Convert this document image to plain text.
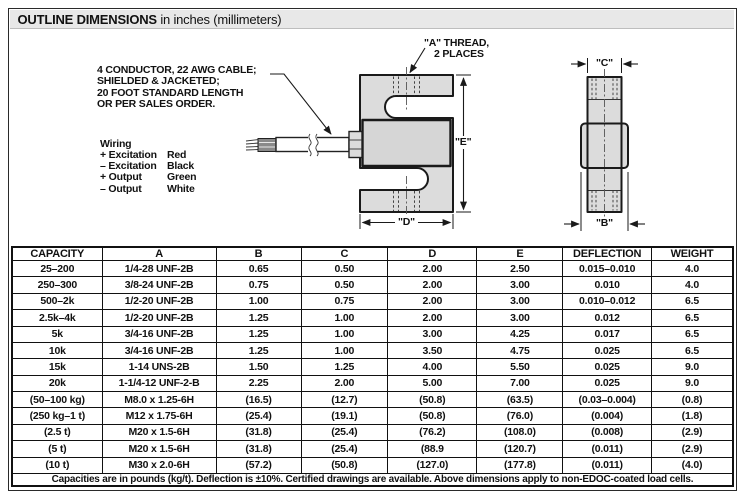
OUTLINE DIMENSIONS in inches (millimeters)
4 CONDUCTOR, 22 AWG CABLE;
SHIELDED & JACKETED;
20 FOOT STANDARD LENGTH
OR PER SALES ORDER.
Wiring
+ Excitation Red
– Excitation Black
+ Output Green
– Output White
"A" THREAD,
2 PLACES
"E"
"D"
"C"
"B"
CAPACITY	A	B	C	D	E	DEFLECTION	WEIGHT
25–200	1/4-28 UNF-2B	0.65	0.50	2.00	2.50	0.015–0.010	4.0
250–300	3/8-24 UNF-2B	0.75	0.50	2.00	3.00	0.010	4.0
500–2k	1/2-20 UNF-2B	1.00	0.75	2.00	3.00	0.010–0.012	6.5
2.5k–4k	1/2-20 UNF-2B	1.25	1.00	2.00	3.00	0.012	6.5
5k	3/4-16 UNF-2B	1.25	1.00	3.00	4.25	0.017	6.5
10k	3/4-16 UNF-2B	1.25	1.00	3.50	4.75	0.025	6.5
15k	1-14 UNS-2B	1.50	1.25	4.00	5.50	0.025	9.0
20k	1-1/4-12 UNF-2-B	2.25	2.00	5.00	7.00	0.025	9.0
(50–100 kg)	M8.0 x 1.25-6H	(16.5)	(12.7)	(50.8)	(63.5)	(0.03–0.004)	(0.8)
(250 kg–1 t)	M12 x 1.75-6H	(25.4)	(19.1)	(50.8)	(76.0)	(0.004)	(1.8)
(2.5 t)	M20 x 1.5-6H	(31.8)	(25.4)	(76.2)	(108.0)	(0.008)	(2.9)
(5 t)	M20 x 1.5-6H	(31.8)	(25.4)	(88.9	(120.7)	(0.011)	(2.9)
(10 t)	M30 x 2.0-6H	(57.2)	(50.8)	(127.0)	(177.8)	(0.011)	(4.0)
Capacities are in pounds (kg/t). Deflection is ±10%. Certified drawings are available. Above dimensions apply to non-EDOC-coated load cells.							
